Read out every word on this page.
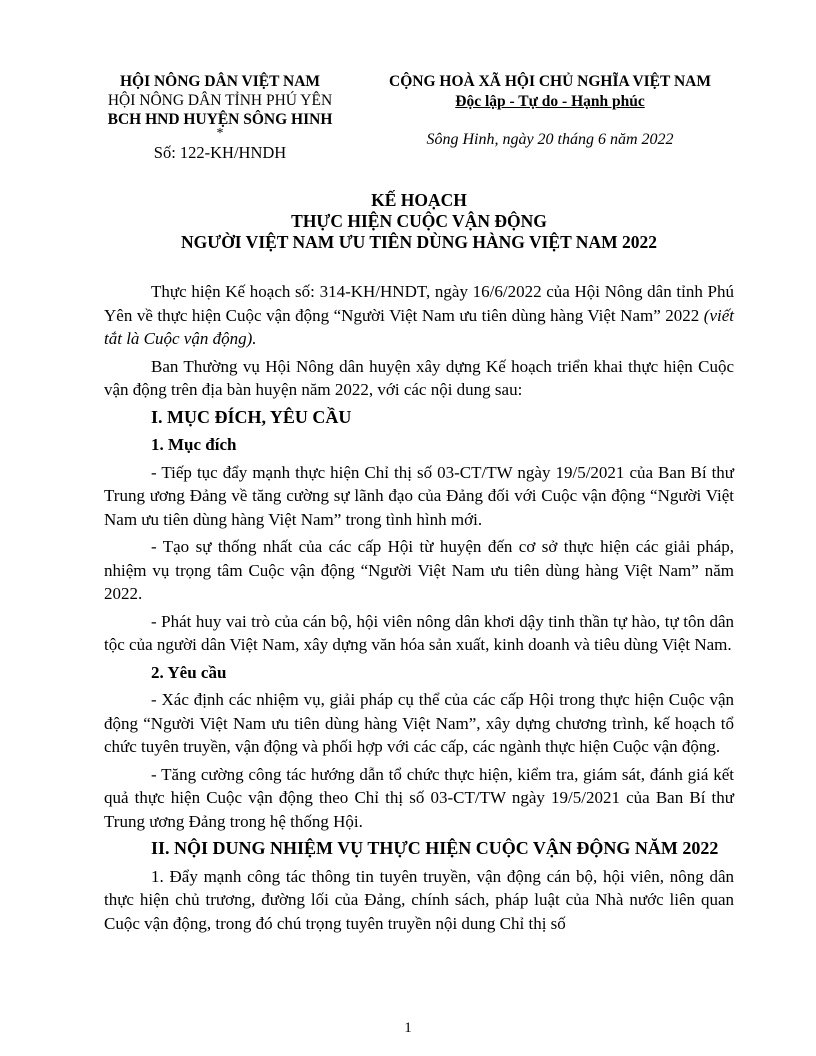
HỘI NÔNG DÂN VIỆT NAM
HỘI NÔNG DÂN TỈNH PHÚ YÊN
BCH HND HUYỆN SÔNG HINH
*
Số: 122-KH/HNDH
CỘNG HOÀ XÃ HỘI CHỦ NGHĨA VIỆT NAM
Độc lập - Tự do - Hạnh phúc
Sông Hinh, ngày 20 tháng 6 năm 2022
KẾ HOẠCH
THỰC HIỆN CUỘC VẬN ĐỘNG
NGƯỜI VIỆT NAM ƯU TIÊN DÙNG HÀNG VIỆT NAM 2022

Thực hiện Kế hoạch số: 314-KH/HNDT, ngày 16/6/2022 của Hội Nông dân tỉnh Phú Yên về thực hiện Cuộc vận động “Người Việt Nam ưu tiên dùng hàng Việt Nam” 2022 (viết tắt là Cuộc vận động).

Ban Thường vụ Hội Nông dân huyện xây dựng Kế hoạch triển khai thực hiện Cuộc vận động trên địa bàn huyện năm 2022, với các nội dung sau:

I. MỤC ĐÍCH, YÊU CẦU

1. Mục đích

- Tiếp tục đẩy mạnh thực hiện Chỉ thị số 03-CT/TW ngày 19/5/2021 của Ban Bí thư Trung ương Đảng về tăng cường sự lãnh đạo của Đảng đối với Cuộc vận động “Người Việt Nam ưu tiên dùng hàng Việt Nam” trong tình hình mới.

- Tạo sự thống nhất của các cấp Hội từ huyện đến cơ sở thực hiện các giải pháp, nhiệm vụ trọng tâm Cuộc vận động “Người Việt Nam ưu tiên dùng hàng Việt Nam” năm 2022.

- Phát huy vai trò của cán bộ, hội viên nông dân khơi dậy tinh thần tự hào, tự tôn dân tộc của người dân Việt Nam, xây dựng văn hóa sản xuất, kinh doanh và tiêu dùng Việt Nam.

2. Yêu cầu

- Xác định các nhiệm vụ, giải pháp cụ thể của các cấp Hội trong thực hiện Cuộc vận động “Người Việt Nam ưu tiên dùng hàng Việt Nam”, xây dựng chương trình, kế hoạch tổ chức tuyên truyền, vận động và phối hợp với các cấp, các ngành thực hiện Cuộc vận động.

- Tăng cường công tác hướng dẫn tổ chức thực hiện, kiểm tra, giám sát, đánh giá kết quả thực hiện Cuộc vận động theo Chỉ thị số 03-CT/TW ngày 19/5/2021 của Ban Bí thư Trung ương Đảng trong hệ thống Hội.

II. NỘI DUNG NHIỆM VỤ THỰC HIỆN CUỘC VẬN ĐỘNG NĂM 2022

1. Đẩy mạnh công tác thông tin tuyên truyền, vận động cán bộ, hội viên, nông dân thực hiện chủ trương, đường lối của Đảng, chính sách, pháp luật của Nhà nước liên quan Cuộc vận động, trong đó chú trọng tuyên truyền nội dung Chỉ thị số

1
